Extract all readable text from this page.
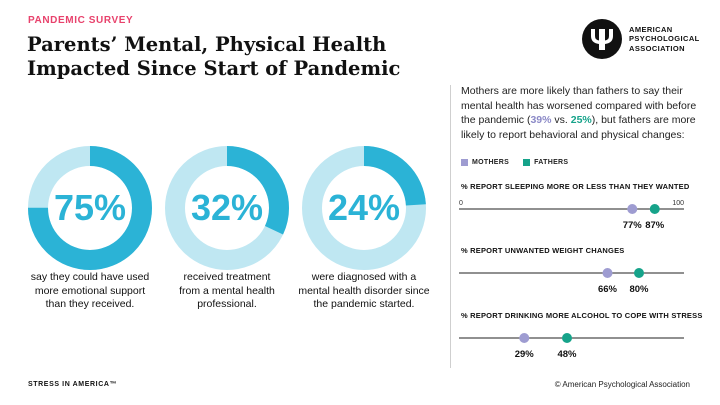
PANDEMIC SURVEY
Parents’ Mental, Physical Health
Impacted Since Start of Pandemic
AMERICAN
PSYCHOLOGICAL
ASSOCIATION
75%
say they could have used
more emotional support
than they received.
32%
received treatment
from a mental health
professional.
24%
were diagnosed with a
mental health disorder since
the pandemic started.
Mothers are more likely than fathers to say their mental health has worsened compared with before the pandemic (39% vs. 25%), but fathers are more likely to report behavioral and physical changes:
MOTHERS	FATHERS
% REPORT SLEEPING MORE OR LESS THAN THEY WANTED
0	100
77% 87%
% REPORT UNWANTED WEIGHT CHANGES
66% 80%
% REPORT DRINKING MORE ALCOHOL TO COPE WITH STRESS
29% 48%
STRESS IN AMERICA™	© American Psychological Association
